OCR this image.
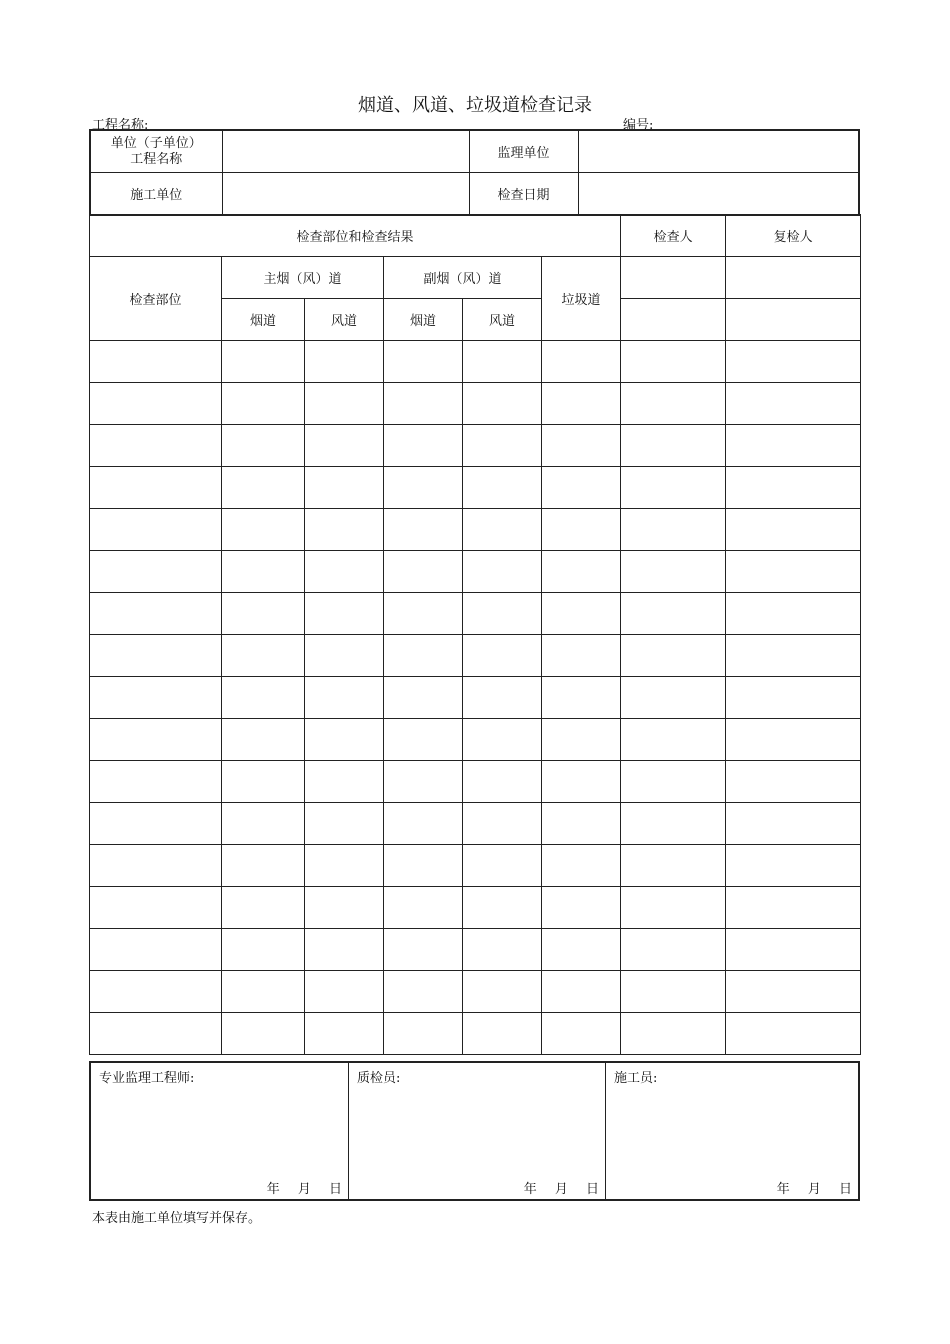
烟道、风道、垃圾道检查记录
工程名称:	编号:
单位（子单位）
工程名称		监理单位	
施工单位		检查日期	
检查部位和检查结果						检查人	复检人
检查部位	主烟（风）道		副烟（风）道		垃圾道		
	烟道	风道	烟道	风道			

专业监理工程师:
年 月 日
质检员:
年 月 日
施工员:
年 月 日
本表由施工单位填写并保存。
